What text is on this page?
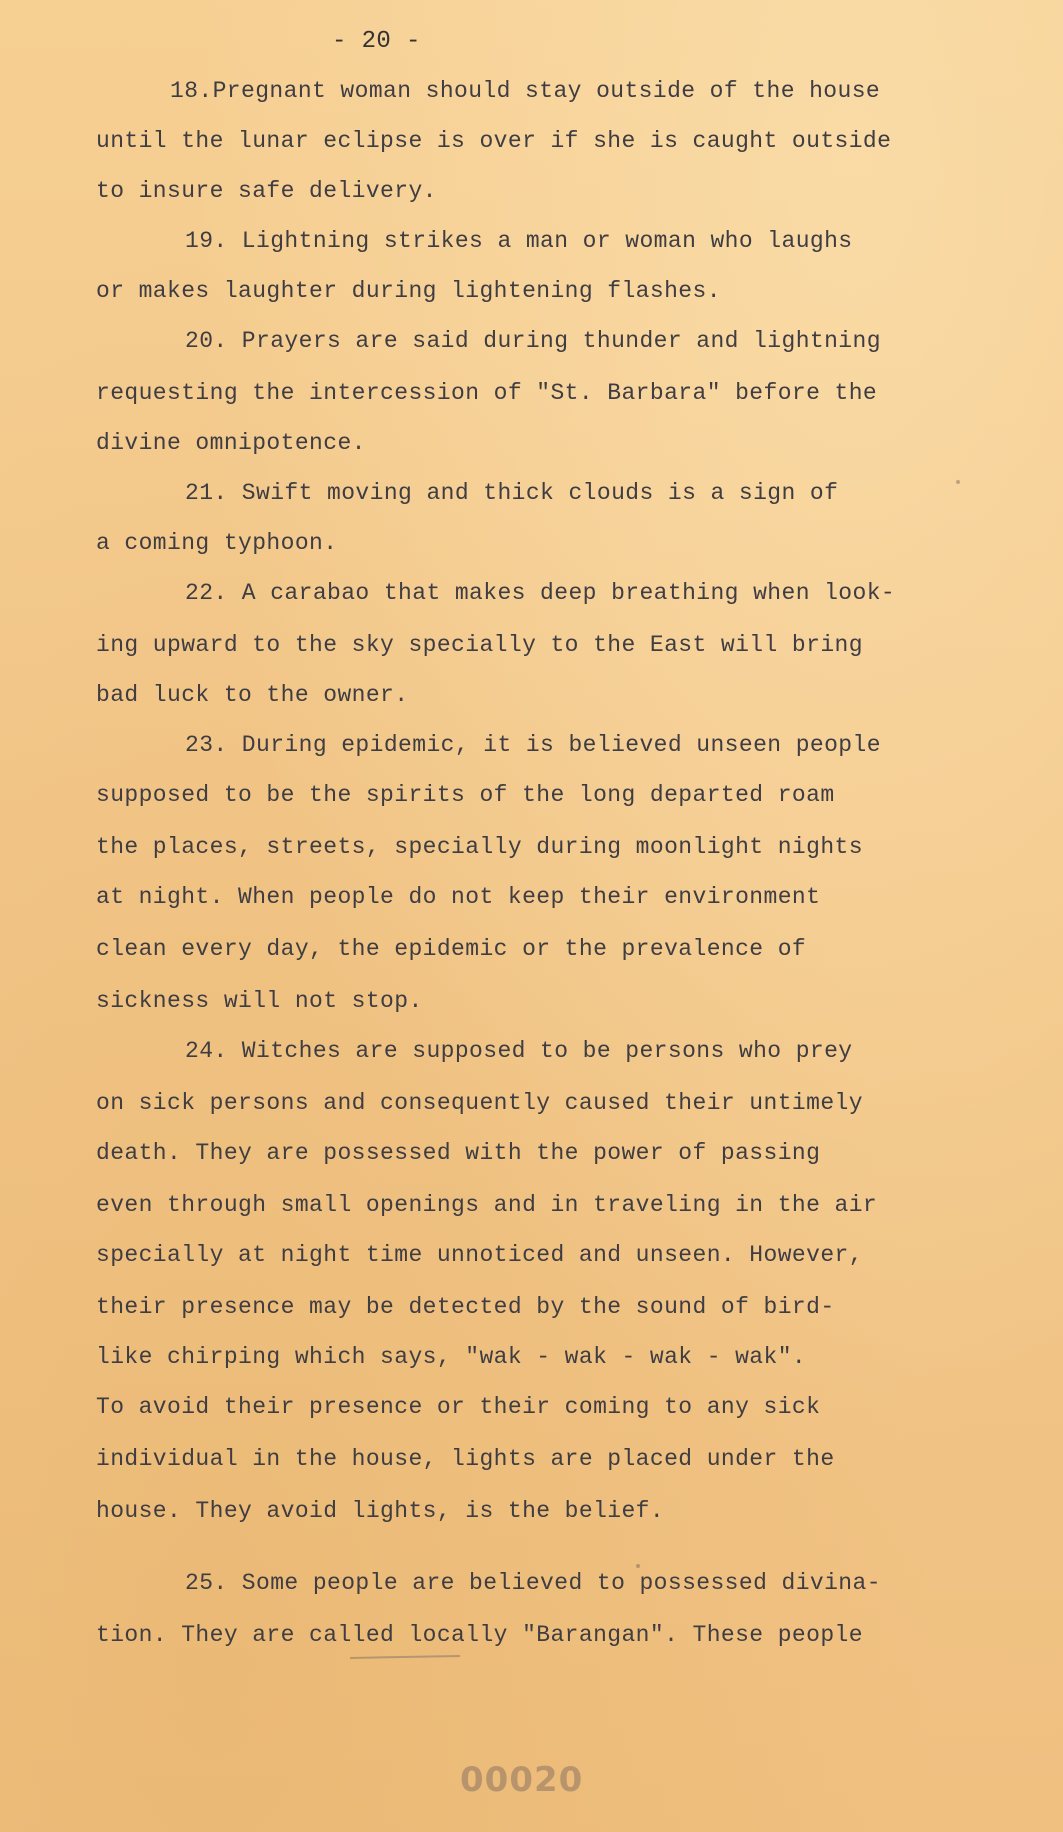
- 20 -
18.Pregnant woman should stay outside of the house
until the lunar eclipse is over if she is caught outside
to insure safe delivery.
19. Lightning strikes a man or woman who laughs
or makes laughter during lightening flashes.
20. Prayers are said during thunder and lightning
requesting the intercession of "St. Barbara" before the
divine omnipotence.
21. Swift moving and thick clouds is a sign of
a coming typhoon.
22. A carabao that makes deep breathing when look-
ing upward to the sky specially to the East will bring
bad luck to the owner.
23. During epidemic, it is believed unseen people
supposed to be the spirits of the long departed roam
the places, streets, specially during moonlight nights
at night. When people do not keep their environment
clean every day, the epidemic or the prevalence of
sickness will not stop.
24. Witches are supposed to be persons who prey
on sick persons and consequently caused their untimely
death. They are possessed with the power of passing
even through small openings and in traveling in the air
specially at night time unnoticed and unseen. However,
their presence may be detected by the sound of bird-
like chirping which says, "wak - wak - wak - wak".
To avoid their presence or their coming to any sick
individual in the house, lights are placed under the
house. They avoid lights, is the belief.
25. Some people are believed to possessed divina-
tion. They are called locally "Barangan". These people
00020
